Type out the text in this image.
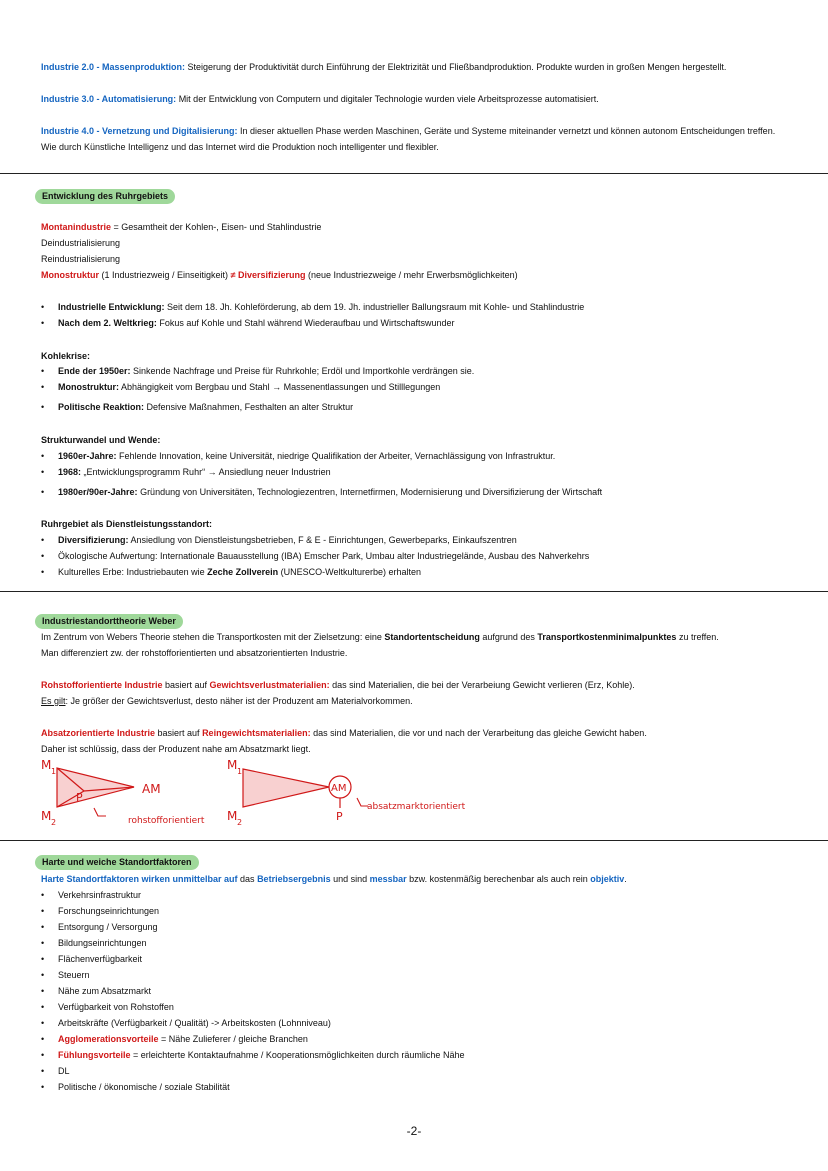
Industrie 2.0 - Massenproduktion: Steigerung der Produktivität durch Einführung der Elektrizität und Fließbandproduktion. Produkte wurden in großen Mengen hergestellt.
Industrie 3.0 - Automatisierung: Mit der Entwicklung von Computern und digitaler Technologie wurden viele Arbeitsprozesse automatisiert.
Industrie 4.0 - Vernetzung und Digitalisierung: In dieser aktuellen Phase werden Maschinen, Geräte und Systeme miteinander vernetzt und können autonom Entscheidungen treffen. Wie durch Künstliche Intelligenz und das Internet wird die Produktion noch intelligenter und flexibler.
Entwicklung des Ruhrgebiets
Montanindustrie = Gesamtheit der Kohlen-, Eisen- und Stahlindustrie
Deindustrialisierung
Reindustrialisierung
Monostruktur (1 Industriezweig / Einseitigkeit) ≠ Diversifizierung (neue Industriezweige / mehr Erwerbsmöglichkeiten)
• Industrielle Entwicklung: Seit dem 18. Jh. Kohleförderung, ab dem 19. Jh. industrieller Ballungsraum mit Kohle- und Stahlindustrie
• Nach dem 2. Weltkrieg: Fokus auf Kohle und Stahl während Wiederaufbau und Wirtschaftswunder
Kohlekrise:
• Ende der 1950er: Sinkende Nachfrage und Preise für Ruhrkohle; Erdöl und Importkohle verdrängen sie.
• Monostruktur: Abhängigkeit vom Bergbau und Stahl → Massenentlassungen und Stilllegungen
• Politische Reaktion: Defensive Maßnahmen, Festhalten an alter Struktur
Strukturwandel und Wende:
• 1960er-Jahre: Fehlende Innovation, keine Universität, niedrige Qualifikation der Arbeiter, Vernachlässigung von Infrastruktur.
• 1968: „Entwicklungsprogramm Ruhr“ → Ansiedlung neuer Industrien
• 1980er/90er-Jahre: Gründung von Universitäten, Technologiezentren, Internetfirmen, Modernisierung und Diversifizierung der Wirtschaft
Ruhrgebiet als Dienstleistungsstandort:
• Diversifizierung: Ansiedlung von Dienstleistungsbetrieben, F & E - Einrichtungen, Gewerbeparks, Einkaufszentren
• Ökologische Aufwertung: Internationale Bauausstellung (IBA) Emscher Park, Umbau alter Industriegelände, Ausbau des Nahverkehrs
• Kulturelles Erbe: Industriebauten wie Zeche Zollverein (UNESCO-Weltkulturerbe) erhalten
Industriestandorttheorie Weber
Im Zentrum von Webers Theorie stehen die Transportkosten mit der Zielsetzung: eine Standortentscheidung aufgrund des Transportkostenminimalpunktes zu treffen.
Man differenziert zw. der rohstofforientierten und absatzorientierten Industrie.
Rohstofforientierte Industrie basiert auf Gewichtsverlustmaterialien: das sind Materialien, die bei der Verarbeiung Gewicht verlieren (Erz, Kohle).
Es gilt: Je größer der Gewichtsverlust, desto näher ist der Produzent am Materialvorkommen.
Absatzorientierte Industrie basiert auf Reingewichtsmaterialien: das sind Materialien, die vor und nach der Verarbeitung das gleiche Gewicht haben.
Daher ist schlüssig, dass der Produzent nahe am Absatzmarkt liegt.
M 1
M 2
AM
P
rohstofforientiert
AM
P
M 1
M 2
absatzmarktorientiert
Harte und weiche Standortfaktoren
Harte Standortfaktoren wirken unmittelbar auf das Betriebsergebnis und sind messbar bzw. kostenmäßig berechenbar als auch rein objektiv.
• Verkehrsinfrastruktur
• Forschungseinrichtungen
• Entsorgung / Versorgung
• Bildungseinrichtungen
• Flächenverfügbarkeit
• Steuern
• Nähe zum Absatzmarkt
• Verfügbarkeit von Rohstoffen
• Arbeitskräfte (Verfügbarkeit / Qualität) -> Arbeitskosten (Lohnniveau)
• Agglomerationsvorteile = Nähe Zulieferer / gleiche Branchen
• Fühlungsvorteile = erleichterte Kontaktaufnahme / Kooperationsmöglichkeiten durch räumliche Nähe
• DL
• Politische / ökonomische / soziale Stabilität
-2-
